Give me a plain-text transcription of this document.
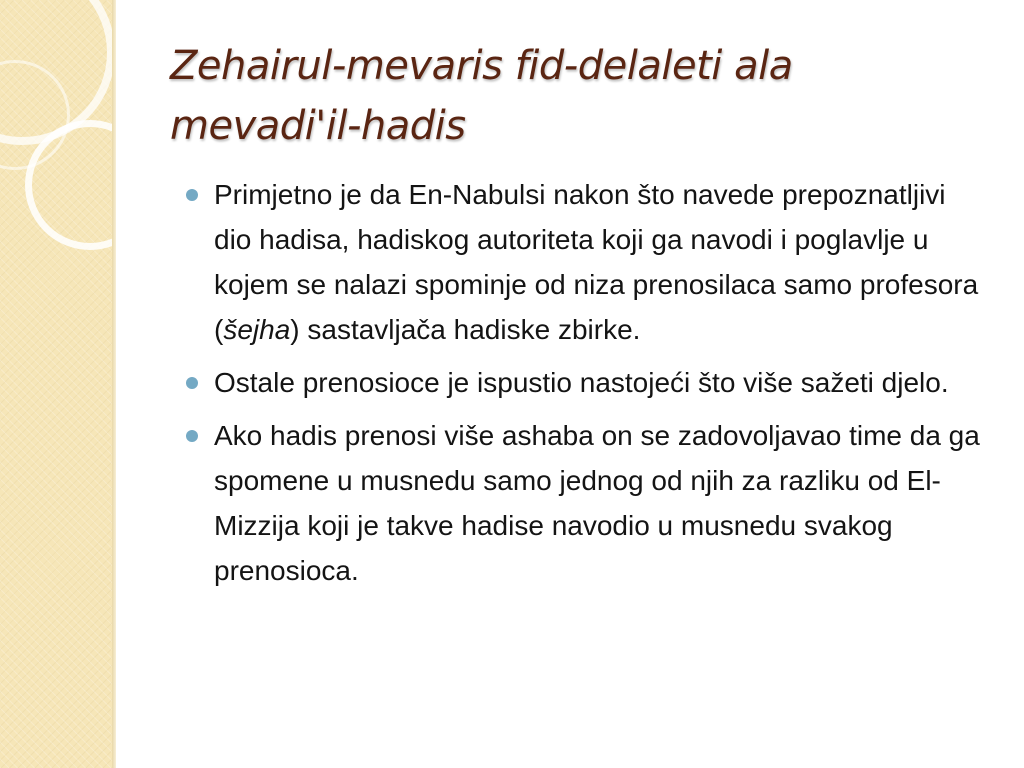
Zehairul-mevaris fid-delaleti ala mevadi'il-hadis
Primjetno je da En-Nabulsi nakon što navede prepoznatljivi dio hadisa, hadiskog autoriteta koji ga navodi i poglavlje u kojem se nalazi spominje od niza prenosilaca samo profesora (šejha) sastavljača hadiske zbirke.
Ostale prenosioce je ispustio nastojeći što više sažeti djelo.
Ako hadis prenosi više ashaba on se zadovoljavao time da ga spomene u musnedu samo jednog od njih za razliku od El-Mizzija koji je takve hadise navodio u musnedu svakog prenosioca.
